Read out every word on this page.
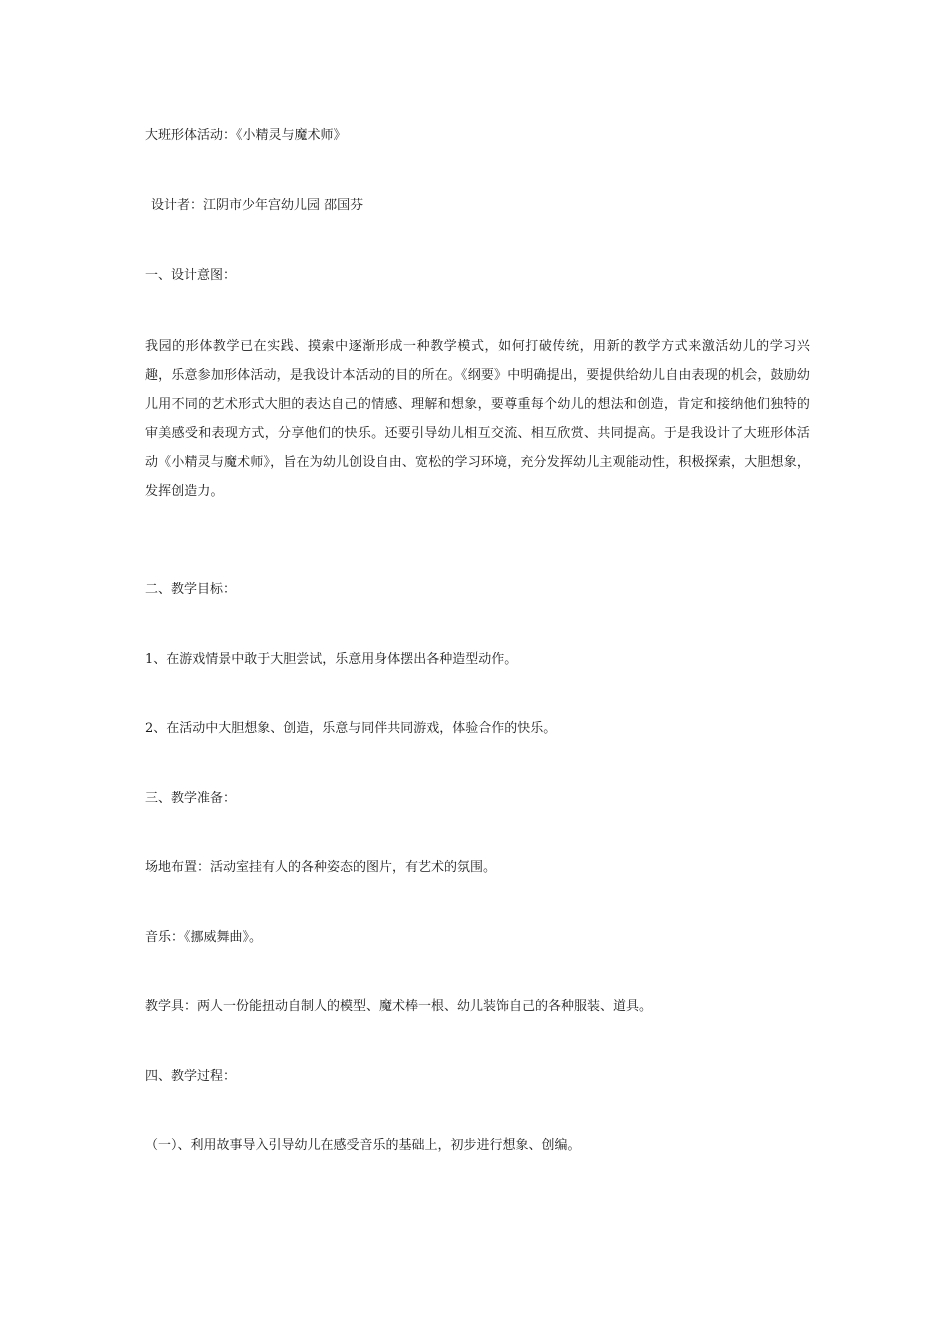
大班形体活动：《小精灵与魔术师》
设计者：江阴市少年宫幼儿园 邵国芬
一、设计意图：
我园的形体教学已在实践、摸索中逐渐形成一种教学模式，如何打破传统，用新的教学方式来激活幼儿的学习兴趣，乐意参加形体活动，是我设计本活动的目的所在。《纲要》中明确提出，要提供给幼儿自由表现的机会，鼓励幼儿用不同的艺术形式大胆的表达自己的情感、理解和想象，要尊重每个幼儿的想法和创造，肯定和接纳他们独特的审美感受和表现方式，分享他们的快乐。还要引导幼儿相互交流、相互欣赏、共同提高。于是我设计了大班形体活动《小精灵与魔术师》，旨在为幼儿创设自由、宽松的学习环境，充分发挥幼儿主观能动性，积极探索，大胆想象，发挥创造力。
二、教学目标：
1、在游戏情景中敢于大胆尝试，乐意用身体摆出各种造型动作。
2、在活动中大胆想象、创造，乐意与同伴共同游戏，体验合作的快乐。
三、教学准备：
场地布置：活动室挂有人的各种姿态的图片，有艺术的氛围。
音乐：《挪威舞曲》。
教学具：两人一份能扭动自制人的模型、魔术棒一根、幼儿装饰自己的各种服装、道具。
四、教学过程：
（一）、利用故事导入引导幼儿在感受音乐的基础上，初步进行想象、创编。
